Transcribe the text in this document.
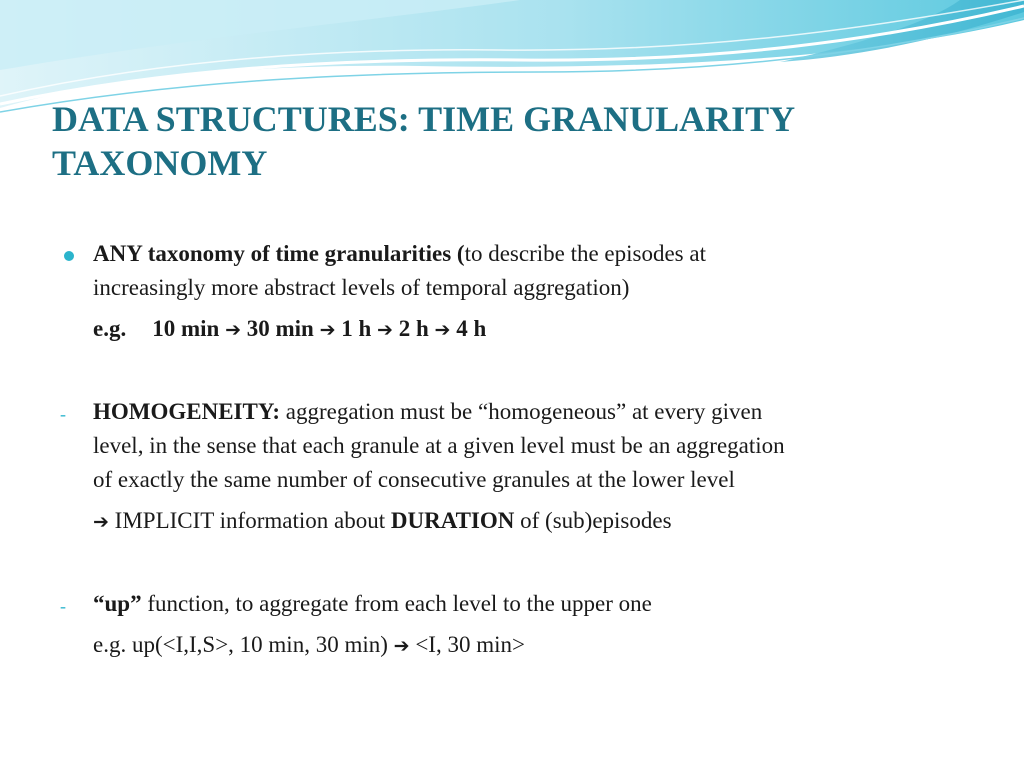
DATA STRUCTURES: TIME GRANULARITY
TAXONOMY

ANY taxonomy of time granularities (to describe the episodes at

increasingly more abstract levels of temporal aggregation)

e.g. 10 min ➔ 30 min ➔ 1 h ➔ 2 h ➔ 4 h

- HOMOGENEITY: aggregation must be “homogeneous” at every given

level, in the sense that each granule at a given level must be an aggregation

of exactly the same number of consecutive granules at the lower level

➔ IMPLICIT information about DURATION of (sub)episodes

- “up” function, to aggregate from each level to the upper one

e.g. up(<I,I,S>, 10 min, 30 min) ➔ <I, 30 min>
